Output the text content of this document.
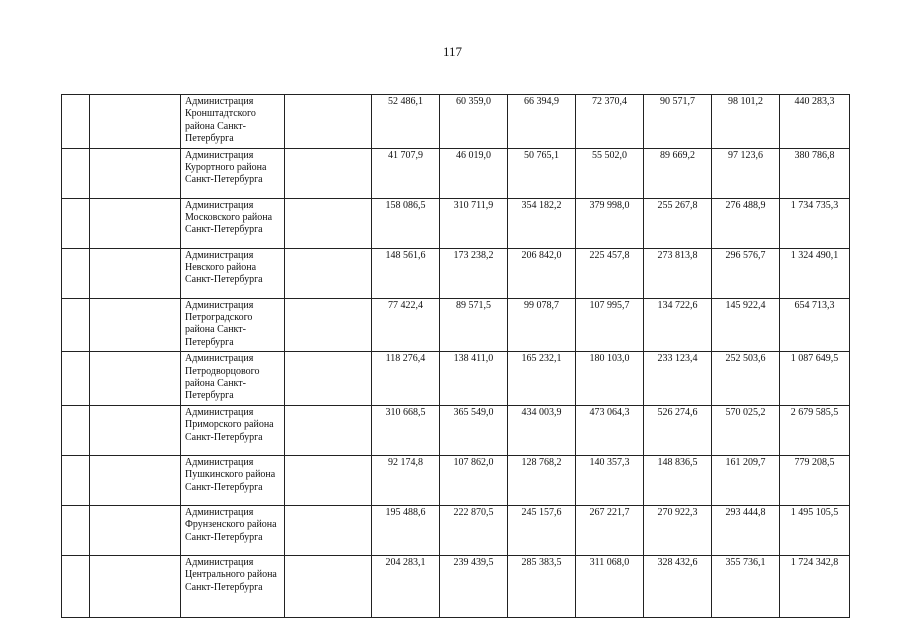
117
		Администрация Кронштадтского района Санкт-Петербурга		52 486,1	60 359,0	66 394,9	72 370,4	90 571,7	98 101,2	440 283,3
		Администрация Курортного района Санкт-Петербурга		41 707,9	46 019,0	50 765,1	55 502,0	89 669,2	97 123,6	380 786,8
		Администрация Московского района Санкт-Петербурга		158 086,5	310 711,9	354 182,2	379 998,0	255 267,8	276 488,9	1 734 735,3
		Администрация Невского района Санкт-Петербурга		148 561,6	173 238,2	206 842,0	225 457,8	273 813,8	296 576,7	1 324 490,1
		Администрация Петроградского района Санкт-Петербурга		77 422,4	89 571,5	99 078,7	107 995,7	134 722,6	145 922,4	654 713,3
		Администрация Петродворцового района Санкт-Петербурга		118 276,4	138 411,0	165 232,1	180 103,0	233 123,4	252 503,6	1 087 649,5
		Администрация Приморского района Санкт-Петербурга		310 668,5	365 549,0	434 003,9	473 064,3	526 274,6	570 025,2	2 679 585,5
		Администрация Пушкинского района Санкт-Петербурга		92 174,8	107 862,0	128 768,2	140 357,3	148 836,5	161 209,7	779 208,5
		Администрация Фрунзенского района Санкт-Петербурга		195 488,6	222 870,5	245 157,6	267 221,7	270 922,3	293 444,8	1 495 105,5
		Администрация Центрального района Санкт-Петербурга		204 283,1	239 439,5	285 383,5	311 068,0	328 432,6	355 736,1	1 724 342,8
